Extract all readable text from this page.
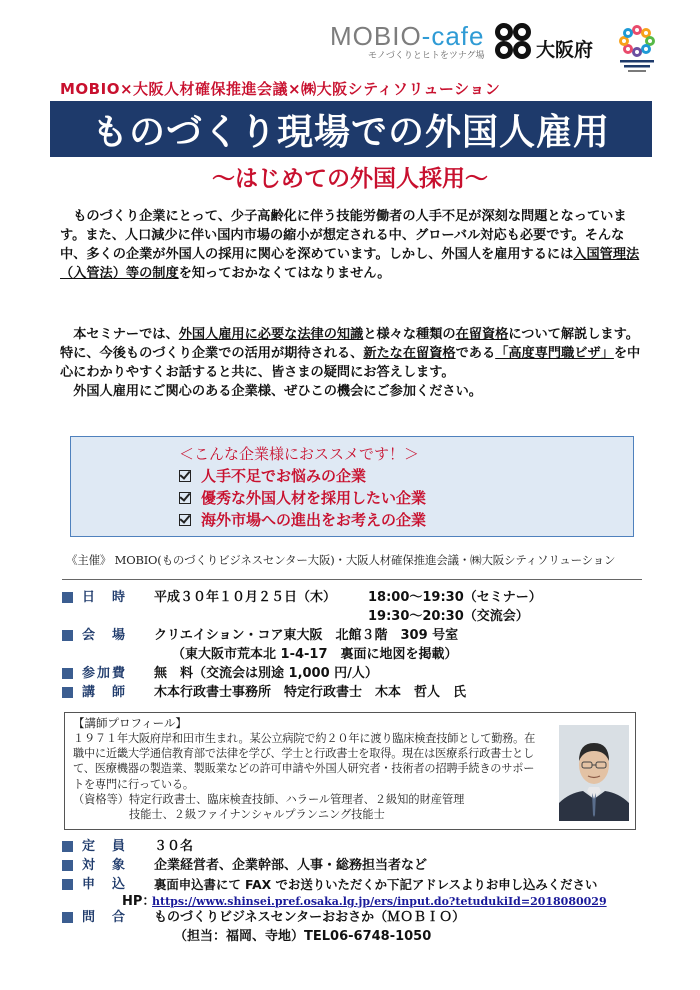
MOBIO-cafe
モノづくりとヒトをツナグ場	大阪府
MOBIO×大阪人材確保推進会議×㈱大阪シティソリューション
ものづくり現場での外国人雇用
～はじめての外国人採用～
ものづくり企業にとって、少子高齢化に伴う技能労働者の人手不足が深刻な問題となっています。また、人口減少に伴い国内市場の縮小が想定される中、グローバル対応も必要です。そんな中、多くの企業が外国人の採用に関心を深めています。しかし、外国人を雇用するには入国管理法（入管法）等の制度を知っておかなくてはなりません。

本セミナーでは、外国人雇用に必要な法律の知識と様々な種類の在留資格について解説します。特に、今後ものづくり企業での活用が期待される、新たな在留資格である「高度専門職ビザ」を中心にわかりやすくお話すると共に、皆さまの疑問にお答えします。

外国人雇用にご関心のある企業様、ぜひこの機会にご参加ください。

＜こんな企業様におススメです！＞
人手不足でお悩みの企業
優秀な外国人材を採用したい企業
海外市場への進出をお考えの企業
《主催》 MOBIO(ものづくりビジネスセンター大阪)・大阪人材確保推進会議・㈱大阪シティソリューション
日　時 平成３０年１０月２５日（木） 18:00～19:30（セミナー）
19:30～20:30（交流会）
会　場 クリエイション・コア東大阪　北館３階　309 号室
（東大阪市荒本北 1-4-17　裏面に地図を掲載）
参加費 無　料（交流会は別途 1,000 円/人）
講　師 木本行政書士事務所　特定行政書士　木本　哲人　氏
【講師プロフィール】
１９７１年大阪府岸和田市生まれ。某公立病院で約２０年に渡り臨床検査技師として勤務。在職中に近畿大学通信教育部で法律を学び、学士と行政書士を取得。現在は医療系行政書士として、医療機器の製造業、製販業などの許可申請や外国人研究者・技術者の招聘手続きのサポートを専門に行っている。
（資格等）特定行政書士、臨床検査技師、ハラール管理者、２級知的財産管理
技能士、２級ファイナンシャルプランニング技能士
定　員 ３０名
対　象 企業経営者、企業幹部、人事・総務担当者など
申　込 裏面申込書にて FAX でお送りいただくか下記アドレスよりお申し込みください
HP：
https://www.shinsei.pref.osaka.lg.jp/ers/input.do?tetudukiId=2018080029
問　合 ものづくりビジネスセンターおおさか（ＭＯＢＩＯ）
（担当：福岡、寺地）TEL06-6748-1050
